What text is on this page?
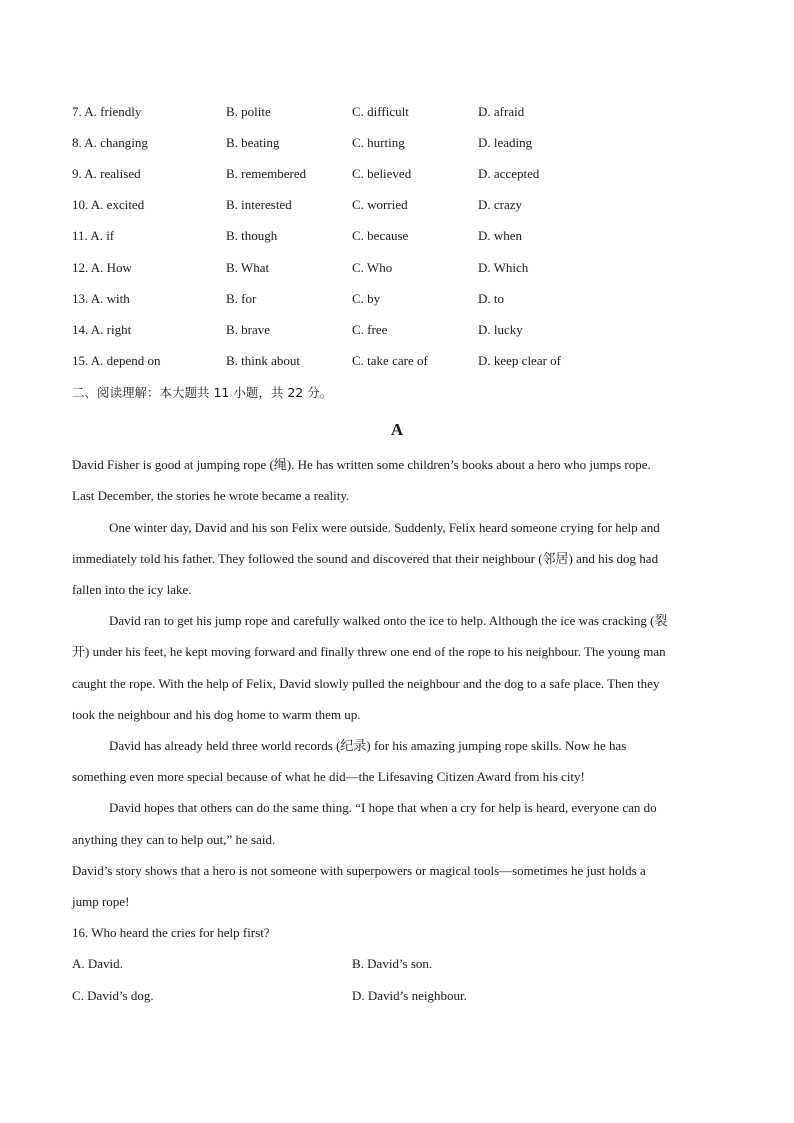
7. A. friendly	B. polite	C. difficult	D. afraid
8. A. changing	B. beating	C. hurting	D. leading
9. A. realised	B. remembered	C. believed	D. accepted
10. A. excited	B. interested	C. worried	D. crazy
11. A. if	B. though	C. because	D. when
12. A. How	B. What	C. Who	D. Which
13. A. with	B. for	C. by	D. to
14. A. right	B. brave	C. free	D. lucky
15. A. depend on	B. think about	C. take care of	D. keep clear of
二、阅读理解：本大题共 11 小题，共 22 分。
A
David Fisher is good at jumping rope (绳). He has written some children’s books about a hero who jumps rope.
Last December, the stories he wrote became a reality.
One winter day, David and his son Felix were outside. Suddenly, Felix heard someone crying for help and
immediately told his father. They followed the sound and discovered that their neighbour (邻居) and his dog had
fallen into the icy lake.
David ran to get his jump rope and carefully walked onto the ice to help. Although the ice was cracking (裂
开) under his feet, he kept moving forward and finally threw one end of the rope to his neighbour. The young man
caught the rope. With the help of Felix, David slowly pulled the neighbour and the dog to a safe place. Then they
took the neighbour and his dog home to warm them up.
David has already held three world records (纪录) for his amazing jumping rope skills. Now he has
something even more special because of what he did—the Lifesaving Citizen Award from his city!
David hopes that others can do the same thing. “I hope that when a cry for help is heard, everyone can do
anything they can to help out,” he said.
David’s story shows that a hero is not someone with superpowers or magical tools—sometimes he just holds a
jump rope!
16. Who heard the cries for help first?
A. David.	B. David’s son.
C. David’s dog.	D. David’s neighbour.
